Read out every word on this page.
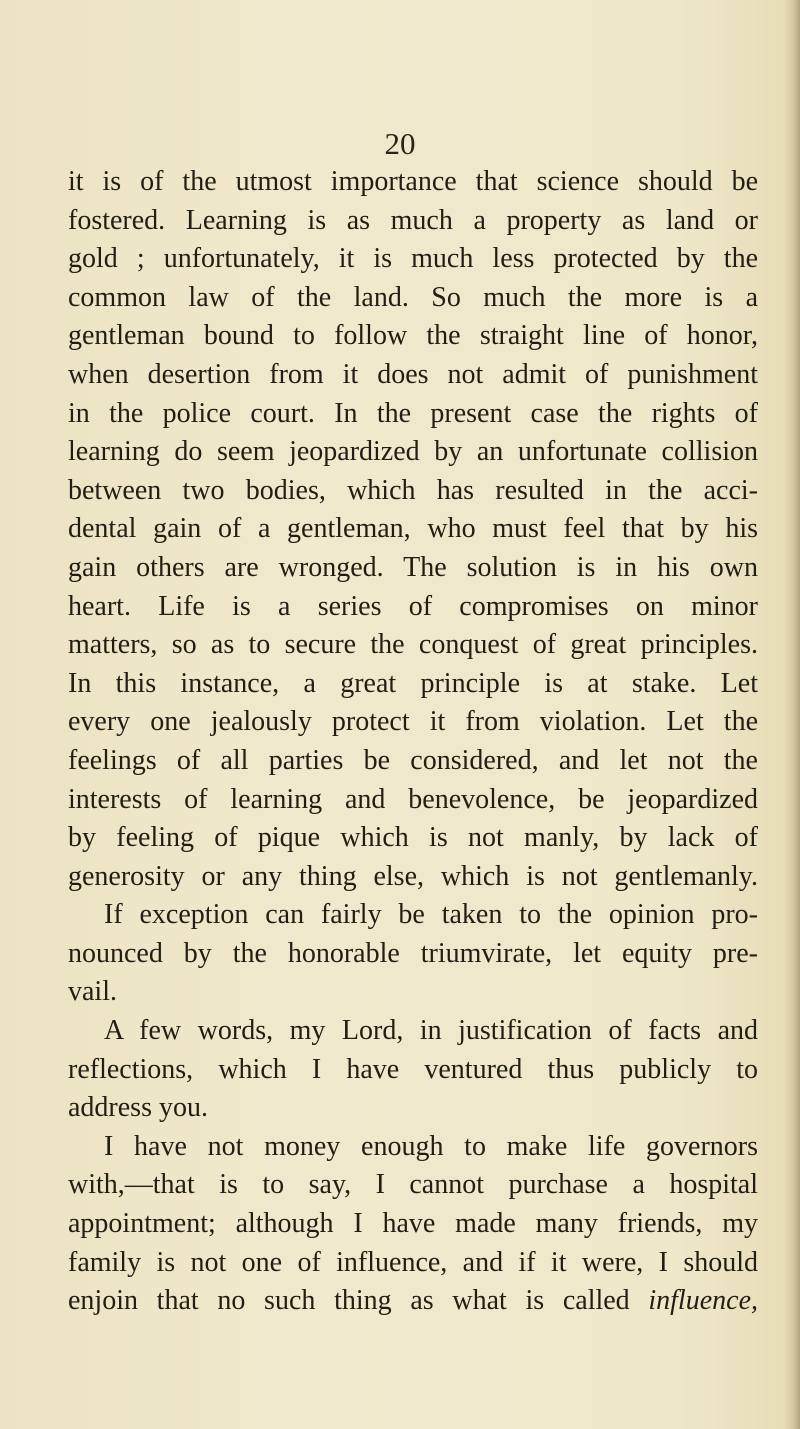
20
it is of the utmost importance that science should be
fostered. Learning is as much a property as land or
gold ; unfortunately, it is much less protected by the
common law of the land. So much the more is a
gentleman bound to follow the straight line of honor,
when desertion from it does not admit of punishment
in the police court. In the present case the rights of
learning do seem jeopardized by an unfortunate collision
between two bodies, which has resulted in the acci-
dental gain of a gentleman, who must feel that by his
gain others are wronged. The solution is in his own
heart. Life is a series of compromises on minor
matters, so as to secure the conquest of great principles.
In this instance, a great principle is at stake. Let
every one jealously protect it from violation. Let the
feelings of all parties be considered, and let not the
interests of learning and benevolence, be jeopardized
by feeling of pique which is not manly, by lack of
generosity or any thing else, which is not gentlemanly.
If exception can fairly be taken to the opinion pro-
nounced by the honorable triumvirate, let equity pre-
vail.
A few words, my Lord, in justification of facts and
reflections, which I have ventured thus publicly to
address you.
I have not money enough to make life governors
with,—that is to say, I cannot purchase a hospital
appointment; although I have made many friends, my
family is not one of influence, and if it were, I should
enjoin that no such thing as what is called influence,
